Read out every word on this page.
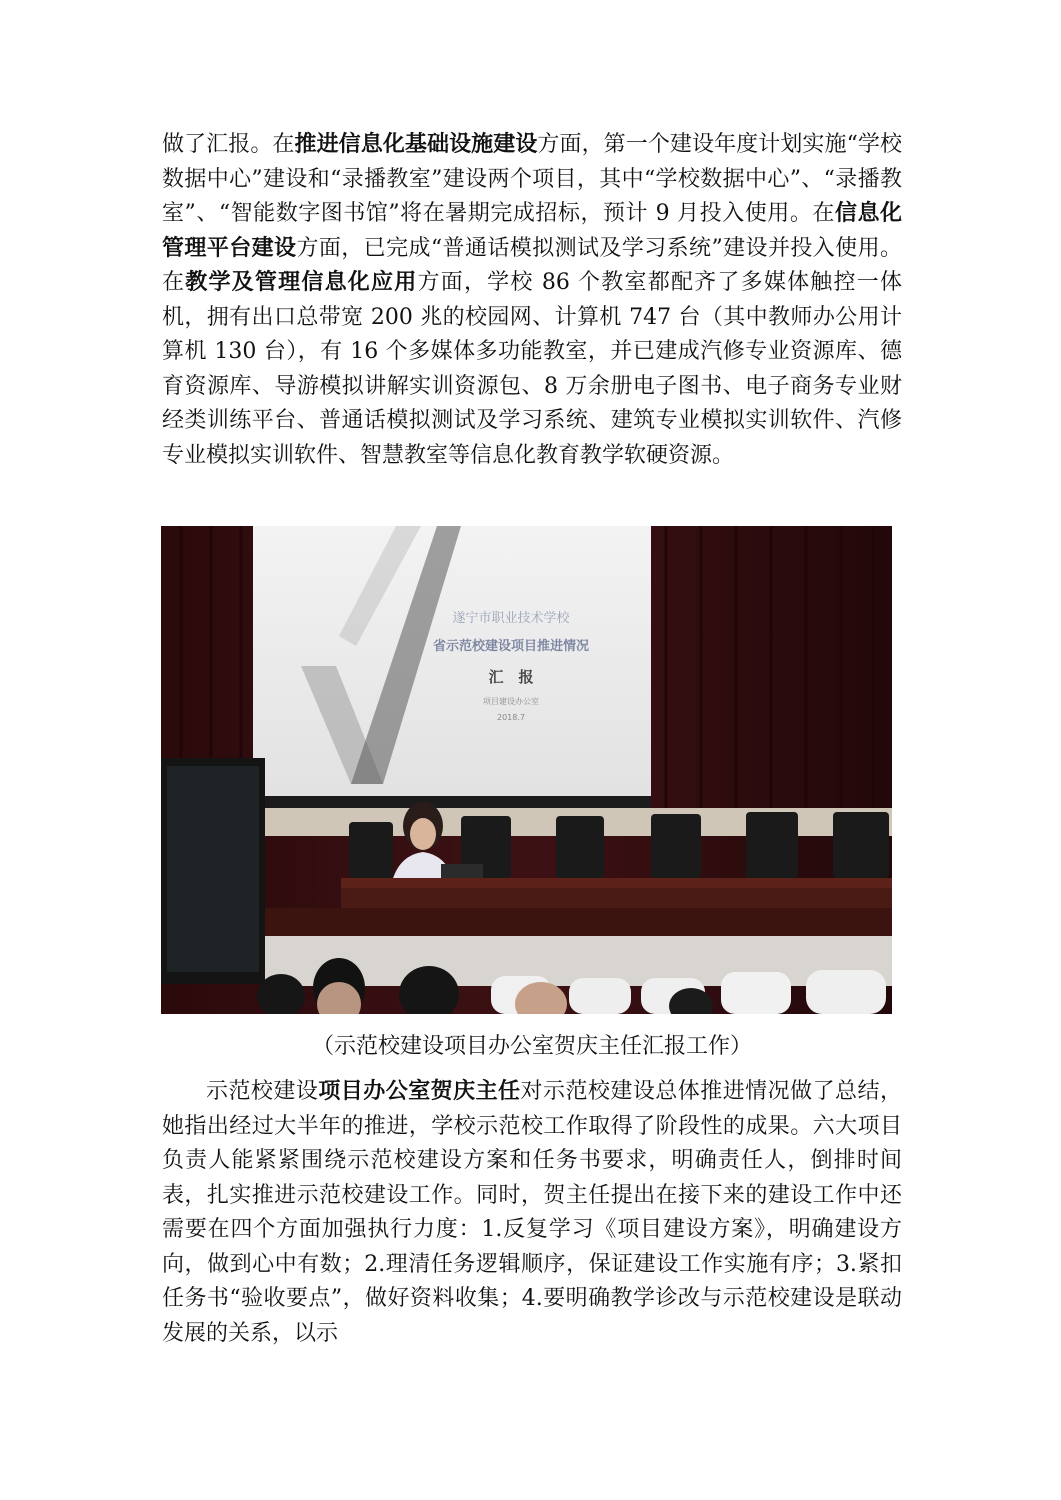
做了汇报。在推进信息化基础设施建设方面，第一个建设年度计划实施“学校数据中心”建设和“录播教室”建设两个项目，其中“学校数据中心”、“录播教室”、“智能数字图书馆”将在暑期完成招标，预计 9 月投入使用。在信息化管理平台建设方面，已完成“普通话模拟测试及学习系统”建设并投入使用。在教学及管理信息化应用方面，学校 86 个教室都配齐了多媒体触控一体机，拥有出口总带宽 200 兆的校园网、计算机 747 台（其中教师办公用计算机 130 台），有 16 个多媒体多功能教室，并已建成汽修专业资源库、德育资源库、导游模拟讲解实训资源包、8 万余册电子图书、电子商务专业财经类训练平台、普通话模拟测试及学习系统、建筑专业模拟实训软件、汽修专业模拟实训软件、智慧教室等信息化教育教学软硬资源。

遂宁市职业技术学校
省示范校建设项目推进情况
汇　报
项目建设办公室
2018.7

（示范校建设项目办公室贺庆主任汇报工作）

示范校建设项目办公室贺庆主任对示范校建设总体推进情况做了总结，她指出经过大半年的推进，学校示范校工作取得了阶段性的成果。六大项目负责人能紧紧围绕示范校建设方案和任务书要求，明确责任人，倒排时间表，扎实推进示范校建设工作。同时，贺主任提出在接下来的建设工作中还需要在四个方面加强执行力度：1.反复学习《项目建设方案》，明确建设方向，做到心中有数；2.理清任务逻辑顺序，保证建设工作实施有序；3.紧扣任务书“验收要点”，做好资料收集；4.要明确教学诊改与示范校建设是联动发展的关系，以示
